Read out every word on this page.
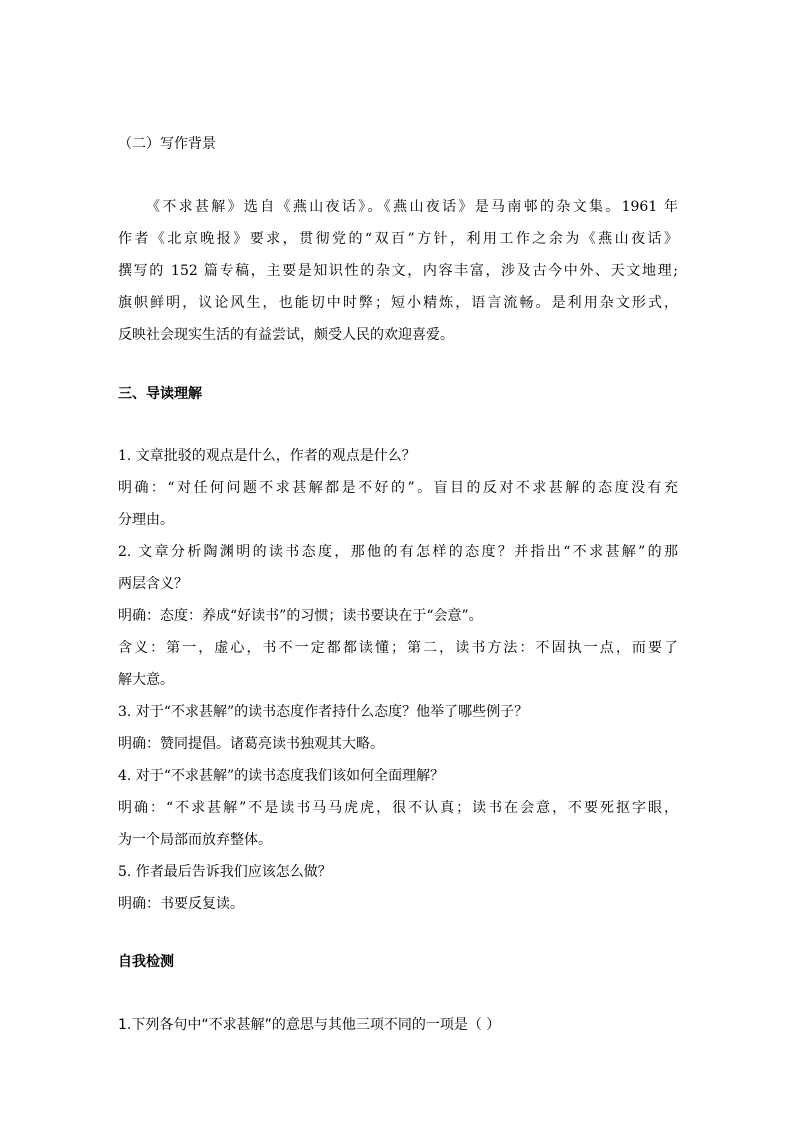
（二）写作背景
《不求甚解》选自《燕山夜话》。《燕山夜话》是马南邨的杂文集。1961 年
作者《北京晚报》要求，贯彻党的“双百”方针，利用工作之余为《燕山夜话》
撰写的 152 篇专稿，主要是知识性的杂文，内容丰富，涉及古今中外、天文地理;
旗帜鲜明，议论风生，也能切中时弊；短小精炼，语言流畅。是利用杂文形式，
反映社会现实生活的有益尝试，颇受人民的欢迎喜爱。
三、导读理解
1. 文章批驳的观点是什么，作者的观点是什么？
明确：“对任何问题不求甚解都是不好的”。盲目的反对不求甚解的态度没有充
分理由。
2. 文章分析陶渊明的读书态度，那他的有怎样的态度？并指出“不求甚解”的那
两层含义？
明确：态度：养成“好读书”的习惯；读书要诀在于“会意”。
含义：第一，虚心，书不一定都都读懂；第二，读书方法：不固执一点，而要了
解大意。
3. 对于“不求甚解”的读书态度作者持什么态度？他举了哪些例子？
明确：赞同提倡。诸葛亮读书独观其大略。
4. 对于“不求甚解”的读书态度我们该如何全面理解？
明确：“不求甚解”不是读书马马虎虎，很不认真；读书在会意，不要死抠字眼，
为一个局部而放弃整体。
5. 作者最后告诉我们应该怎么做？
明确：书要反复读。
自我检测
1.下列各句中“不求甚解”的意思与其他三项不同的一项是（ ）
